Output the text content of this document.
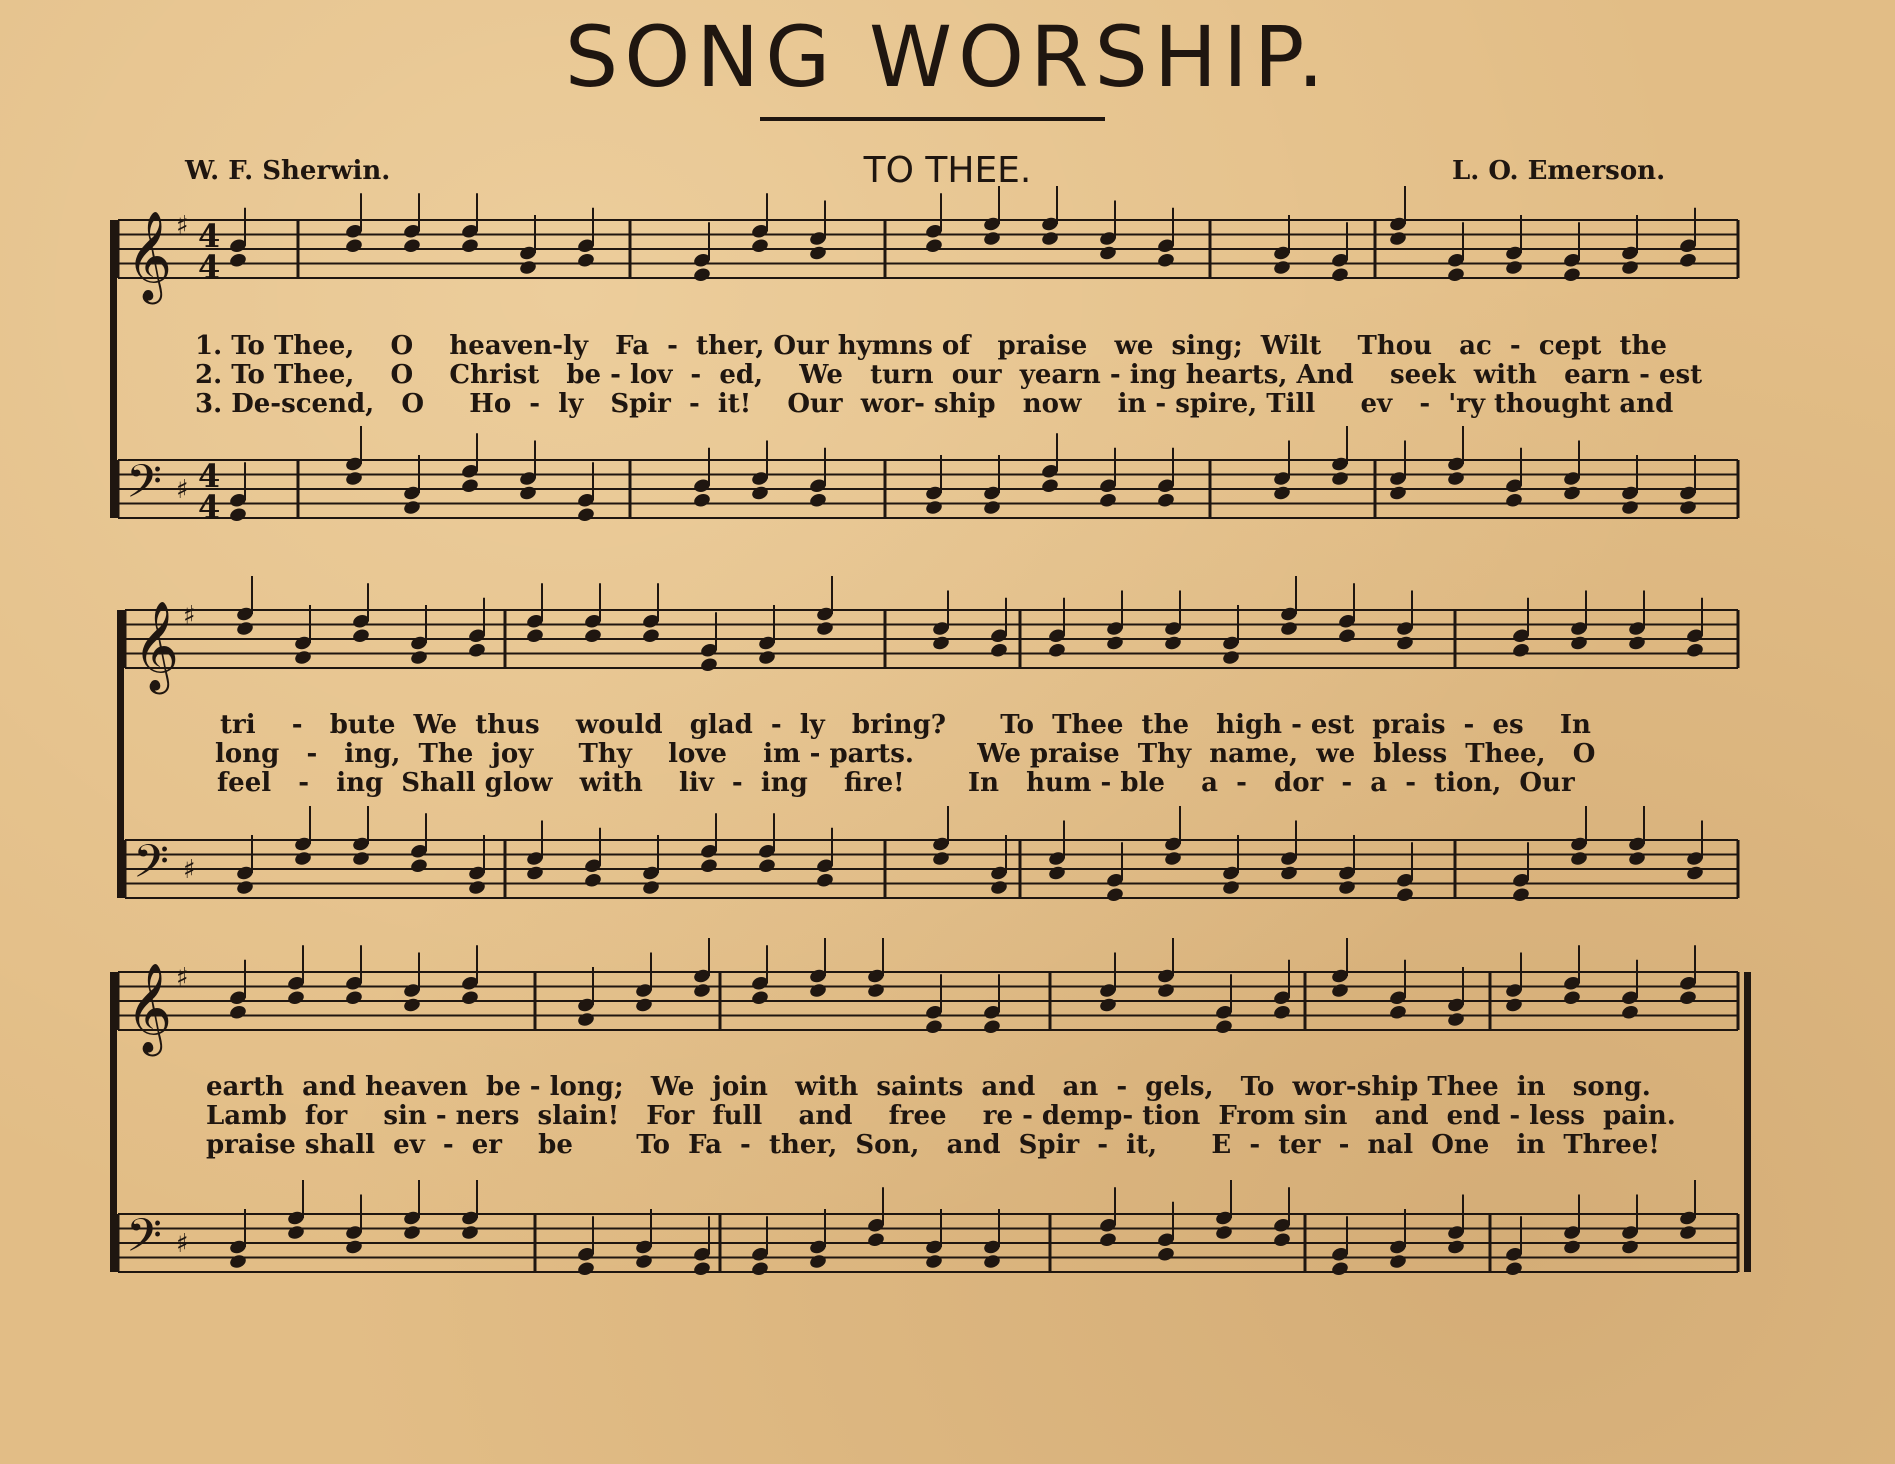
SONG WORSHIP.
W. F. Sherwin.	TO THEE.	L. O. Emerson.
𝄞 ♯ 4
4
𝄢 ♯ 4
4
𝄞 ♯
𝄢 ♯
𝄞 ♯
𝄢 ♯
1. To Thee,    O    heaven-ly   Fa  -  ther, Our hymns of   praise   we  sing;  Wilt    Thou   ac  -  cept  the
2. To Thee,    O    Christ   be - lov  -  ed,    We   turn  our  yearn - ing hearts, And    seek  with   earn - est
3. De-scend,   O     Ho  -  ly   Spir  -  it!    Our  wor- ship   now    in - spire, Till     ev   -  'ry thought and
tri    -   bute  We  thus    would   glad  -  ly   bring?      To  Thee  the   high - est  prais  -  es    In
long   -   ing,  The  joy     Thy    love    im - parts.       We praise  Thy  name,  we  bless  Thee,   O
feel   -   ing  Shall glow   with    liv  -  ing    fire!       In   hum - ble    a  -   dor  -  a  -  tion,  Our
earth  and heaven  be - long;   We  join   with  saints  and   an  -  gels,   To  wor-ship Thee  in   song.
Lamb  for    sin - ners  slain!   For  full    and    free    re - demp- tion  From sin   and  end - less  pain.
praise shall  ev  -  er    be       To  Fa  -  ther,  Son,   and  Spir  -  it,      E  -  ter  -  nal  One   in  Three!
